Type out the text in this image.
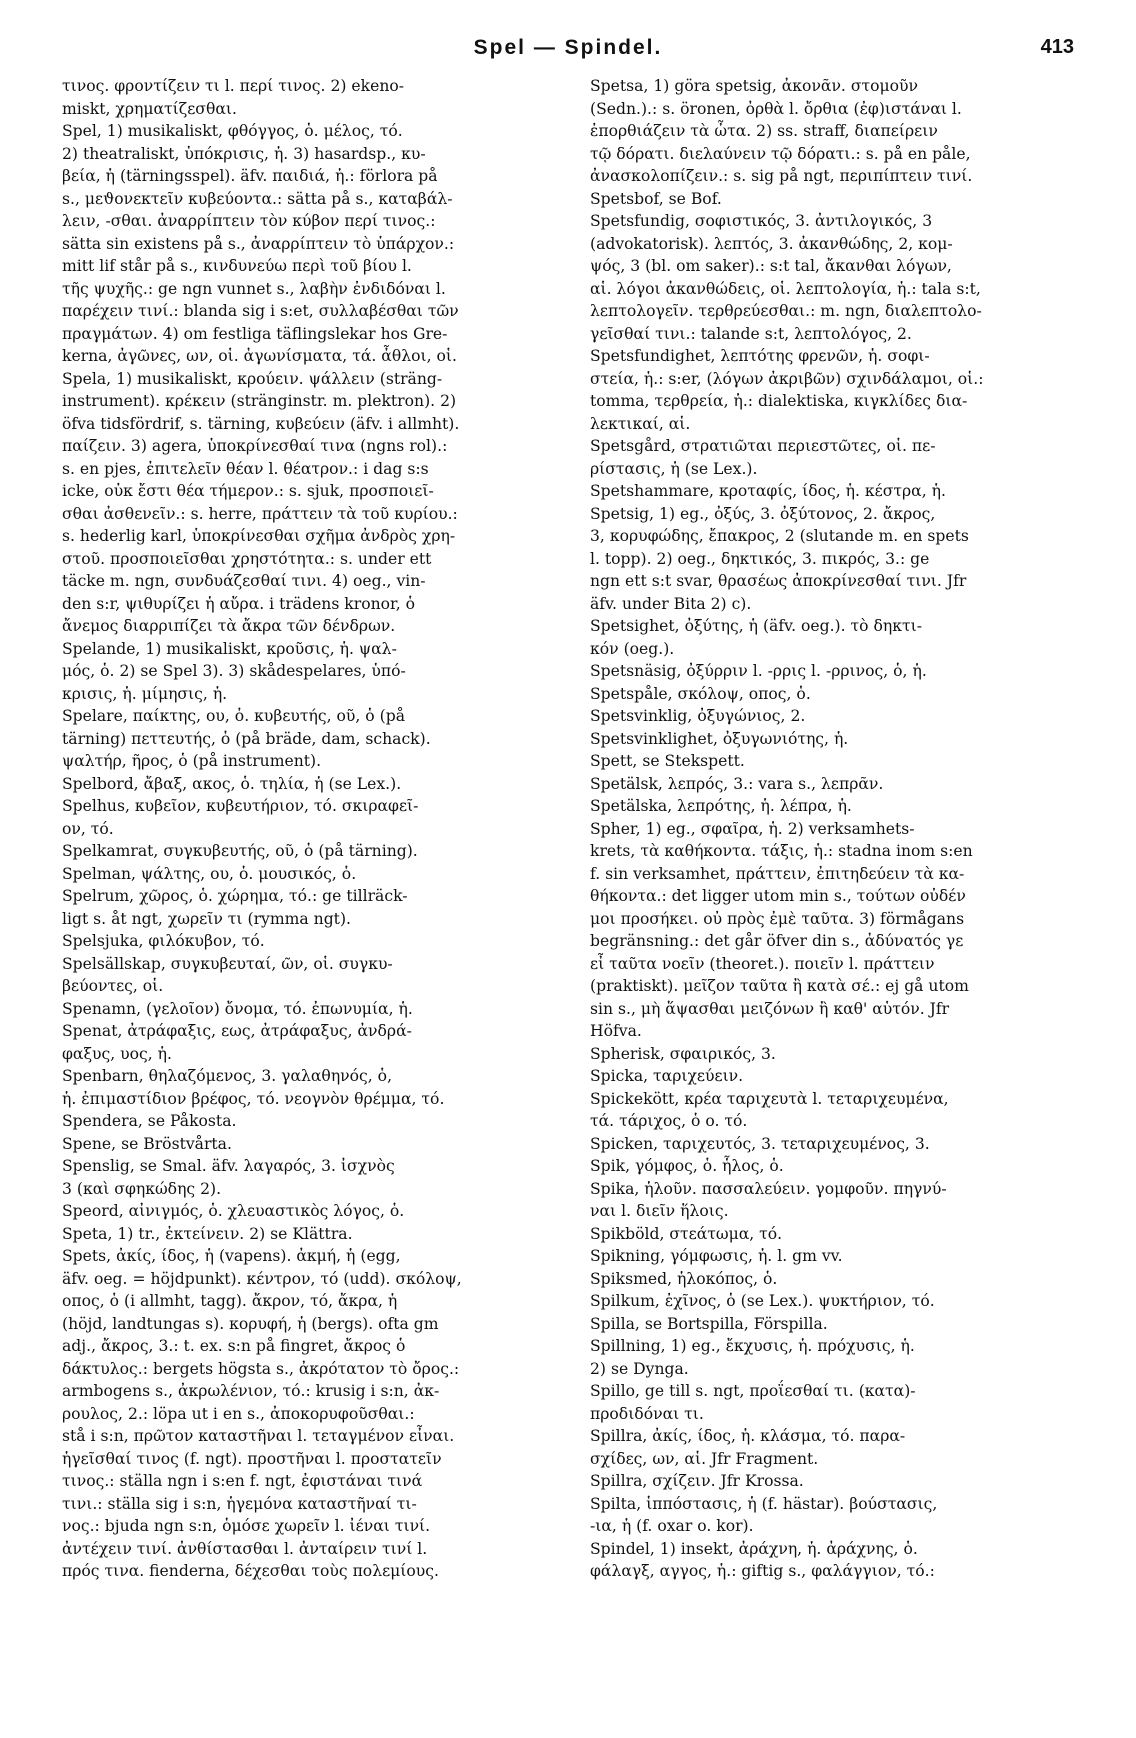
Spel — Spindel.	413
τινος. φροντίζειν τι l. περί τινος. 2) ekeno-
miskt, χρηματίζεσθαι.
Spel, 1) musikaliskt, φθόγγος, ὁ. μέλος, τό.
2) theatraliskt, ὑπόκρισις, ἡ. 3) hasardsp., κυ-
βεία, ἡ (tärningsspel). äfv. παιδιά, ἡ.: förlora på
s., μεϑονεκτεῖν κυβεύοντα.: sätta på s., καταβάλ-
λειν, -σθαι. ἀναρρίπτειν τὸν κύβον περί τινος.:
sätta sin existens på s., ἀναρρίπτειν τὸ ὑπάρχον.:
mitt lif står på s., κινδυνεύω περὶ τοῦ βίου l.
τῆς ψυχῆς.: ge ngn vunnet s., λαβὴν ἐνδιδόναι l.
παρέχειν τινί.: blanda sig i s:et, συλλαβέσθαι τῶν
πραγμάτων. 4) om festliga täflingslekar hos Gre-
kerna, ἀγῶνες, ων, οἱ. ἀγωνίσματα, τά. ἆθλοι, οἱ.
Spela, 1) musikaliskt, κρούειν. ψάλλειν (sträng-
instrument). κρέκειν (stränginstr. m. plektron). 2)
öfva tidsfördrif, s. tärning, κυβεύειν (äfv. i allmht).
παίζειν. 3) agera, ὑποκρίνεσθαί τινα (ngns rol).:
s. en pjes, ἐπιτελεῖν θέαν l. θέατρον.: i dag s:s
icke, οὐκ ἔστι θέα τήμερον.: s. sjuk, προσποιεῖ-
σθαι ἀσθενεῖν.: s. herre, πράττειν τὰ τοῦ κυρίου.:
s. hederlig karl, ὑποκρίνεσθαι σχῆμα ἀνδρὸς χρη-
στοῦ. προσποιεῖσθαι χρηστότητα.: s. under ett
täcke m. ngn, συνδυάζεσθαί τινι. 4) oeg., vin-
den s:r, ψιθυρίζει ἡ αὔρα. i trädens kronor, ὁ
ἄνεμος διαρριπίζει τὰ ἄκρα τῶν δένδρων.
Spelande, 1) musikaliskt, κροῦσις, ἡ. ψαλ-
μός, ὁ. 2) se Spel 3). 3) skådespelares, ὑπό-
κρισις, ἡ. μίμησις, ἡ.
Spelare, παίκτης, ου, ὁ. κυβευτής, οῦ, ὁ (på
tärning) πεττευτής, ὁ (på bräde, dam, schack).
ψαλτήρ, ῆρος, ὁ (på instrument).
Spelbord, ἄβαξ, ακος, ὁ. τηλία, ἡ (se Lex.).
Spelhus, κυβεῖον, κυβευτήριον, τό. σκιραφεῖ-
ον, τό.
Spelkamrat, συγκυβευτής, οῦ, ὁ (på tärning).
Spelman, ψάλτης, ου, ὁ. μουσικός, ὁ.
Spelrum, χῶρος, ὁ. χώρημα, τό.: ge tillräck-
ligt s. åt ngt, χωρεῖν τι (rymma ngt).
Spelsjuka, φιλόκυβον, τό.
Spelsällskap, συγκυβευταί, ῶν, οἱ. συγκυ-
βεύοντες, οἱ.
Spenamn, (γελοῖον) ὄνομα, τό. ἐπωνυμία, ἡ.
Spenat, ἀτράφαξις, εως, ἀτράφαξυς, ἀνδρά-
φαξυς, υος, ἡ.
Spenbarn, θηλαζόμενος, 3. γαλαθηνός, ὁ,
ἡ. ἐπιμαστίδιον βρέφος, τό. νεογνὸν θρέμμα, τό.
Spendera, se Påkosta.
Spene, se Bröstvårta.
Spenslig, se Smal. äfv. λαγαρός, 3. ἰσχνὸς
3 (καὶ σφηκώδης 2).
Speord, αἰνιγμός, ὁ. χλευαστικὸς λόγος, ὁ.
Speta, 1) tr., ἐκτείνειν. 2) se Klättra.
Spets, ἀκίς, ίδος, ἡ (vapens). ἀκμή, ἡ (egg,
äfv. oeg. = höjdpunkt). κέντρον, τό (udd). σκόλοψ,
οπος, ὁ (i allmht, tagg). ἄκρον, τό, ἄκρα, ἡ
(höjd, landtungas s). κορυφή, ἡ (bergs). ofta gm
adj., ἄκρος, 3.: t. ex. s:n på fingret, ἄκρος ὁ
δάκτυλος.: bergets högsta s., ἀκρότατον τὸ ὄρος.:
armbogens s., ἀκρωλένιον, τό.: krusig i s:n, ἀκ-
ρουλος, 2.: löpa ut i en s., ἀποκορυφοῦσθαι.:
stå i s:n, πρῶτον καταστῆναι l. τεταγμένον εἶναι.
ἡγεῖσθαί τινος (f. ngt). προστῆναι l. προστατεῖν
τινος.: ställa ngn i s:en f. ngt, ἐφιστάναι τινά
τινι.: ställa sig i s:n, ἡγεμόνα καταστῆναί τι-
νος.: bjuda ngn s:n, ὁμόσε χωρεῖν l. ἰέναι τινί.
ἀντέχειν τινί. ἀνθίστασθαι l. ἀνταίρειν τινί l.
πρός τινα. fienderna, δέχεσθαι τοὺς πολεμίους.
Spetsa, 1) göra spetsig, ἀκονᾶν. στομοῦν
(Sedn.).: s. öronen, ὀρθὰ l. ὄρθια (ἐφ)ιστάναι l.
ἐπορθιάζειν τὰ ὦτα. 2) ss. straff, διαπείρειν
τῷ δόρατι. διελαύνειν τῷ δόρατι.: s. på en påle,
ἀνασκολοπίζειν.: s. sig på ngt, περιπίπτειν τινί.
Spetsbof, se Bof.
Spetsfundig, σοφιστικός, 3. ἀντιλογικός, 3
(advokatorisk). λεπτός, 3. ἀκανθώδης, 2, κομ-
ψός, 3 (bl. om saker).: s:t tal, ἄκανθαι λόγων,
αἱ. λόγοι ἀκανθώδεις, οἱ. λεπτολογία, ἡ.: tala s:t,
λεπτολογεῖν. τερθρεύεσθαι.: m. ngn, διαλεπτολο-
γεῖσθαί τινι.: talande s:t, λεπτολόγος, 2.
Spetsfundighet, λεπτότης φρενῶν, ἡ. σοφι-
στεία, ἡ.: s:er, (λόγων ἀκριβῶν) σχινδάλαμοι, οἱ.:
tomma, τερθρεία, ἡ.: dialektiska, κιγκλίδες δια-
λεκτικαί, αἱ.
Spetsgård, στρατιῶται περιεστῶτες, οἱ. πε-
ρίστασις, ἡ (se Lex.).
Spetshammare, κροταφίς, ίδος, ἡ. κέστρα, ἡ.
Spetsig, 1) eg., ὀξύς, 3. ὀξύτονος, 2. ἄκρος,
3, κορυφώδης, ἔπακρος, 2 (slutande m. en spets
l. topp). 2) oeg., δηκτικός, 3. πικρός, 3.: ge
ngn ett s:t svar, θρασέως ἀποκρίνεσθαί τινι. Jfr
äfv. under Bita 2) c).
Spetsighet, ὀξύτης, ἡ (äfv. oeg.). τὸ δηκτι-
κόν (oeg.).
Spetsnäsig, ὀξύρριν l. -ρρις l. -ρρινος, ὁ, ἡ.
Spetspåle, σκόλοψ, οπος, ὁ.
Spetsvinklig, ὀξυγώνιος, 2.
Spetsvinklighet, ὀξυγωνιότης, ἡ.
Spett, se Stekspett.
Spetälsk, λεπρός, 3.: vara s., λεπρᾶν.
Spetälska, λεπρότης, ἡ. λέπρα, ἡ.
Spher, 1) eg., σφαῖρα, ἡ. 2) verksamhets-
krets, τὰ καθήκοντα. τάξις, ἡ.: stadna inom s:en
f. sin verksamhet, πράττειν, ἐπιτηδεύειν τὰ κα-
θήκοντα.: det ligger utom min s., τούτων οὐδέν
μοι προσήκει. οὐ πρὸς ἐμὲ ταῦτα. 3) förmågans
begränsning.: det går öfver din s., ἀδύνατός γε
εἶ ταῦτα νοεῖν (theoret.). ποιεῖν l. πράττειν
(praktiskt). μεῖζον ταῦτα ἢ κατὰ σέ.: ej gå utom
sin s., μὴ ἅψασθαι μειζόνων ἢ καθ' αὑτόν. Jfr
Höfva.
Spherisk, σφαιρικός, 3.
Spicka, ταριχεύειν.
Spickekött, κρέα ταριχευτὰ l. τεταριχευμένα,
τά. τάριχος, ὁ o. τό.
Spicken, ταριχευτός, 3. τεταριχευμένος, 3.
Spik, γόμφος, ὁ. ἧλος, ὁ.
Spika, ἡλοῦν. πασσαλεύειν. γομφοῦν. πηγνύ-
ναι l. διεῖν ἥλοις.
Spikböld, στεάτωμα, τό.
Spikning, γόμφωσις, ἡ. l. gm vv.
Spiksmed, ἡλοκόπος, ὁ.
Spilkum, ἐχῖνος, ὁ (se Lex.). ψυκτήριον, τό.
Spilla, se Bortspilla, Förspilla.
Spillning, 1) eg., ἔκχυσις, ἡ. πρόχυσις, ἡ.
2) se Dynga.
Spillo, ge till s. ngt, προΐεσθαί τι. (κατα)-
προδιδόναι τι.
Spillra, ἀκίς, ίδος, ἡ. κλάσμα, τό. παρα-
σχίδες, ων, αἱ. Jfr Fragment.
Spillra, σχίζειν. Jfr Krossa.
Spilta, ἱππόστασις, ἡ (f. hästar). βούστασις,
-ια, ἡ (f. oxar o. kor).
Spindel, 1) insekt, ἀράχνη, ἡ. ἀράχνης, ὁ.
φάλαγξ, αγγος, ἡ.: giftig s., φαλάγγιον, τό.:
